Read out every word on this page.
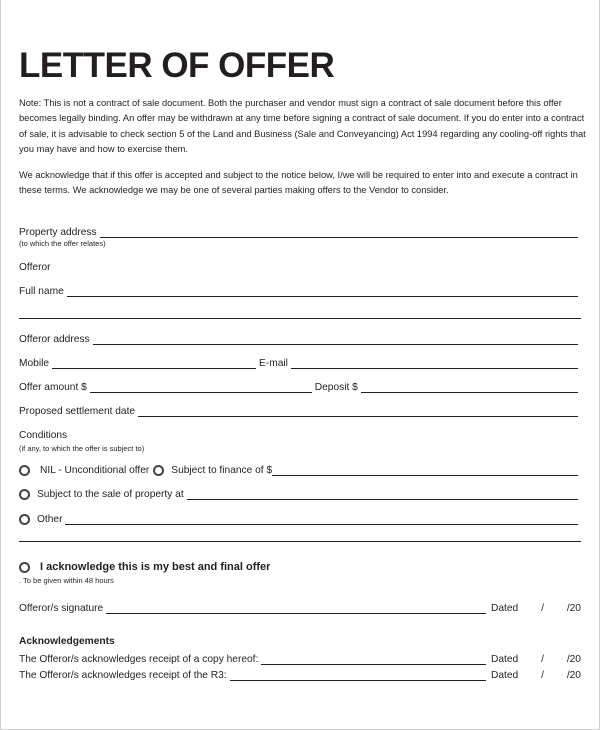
LETTER OF OFFER

Note: This is not a contract of sale document. Both the purchaser and vendor must sign a contract of sale document before this offer becomes legally binding. An offer may be withdrawn at any time before signing a contract of sale document. If you do enter into a contract of sale, it is advisable to check section 5 of the Land and Business (Sale and Conveyancing) Act 1994 regarding any cooling-off rights that you may have and how to exercise them.

We acknowledge that if this offer is accepted and subject to the notice below, I/we will be required to enter into and execute a contract in these terms. We acknowledge we may be one of several parties making offers to the Vendor to consider.

Property address
(to which the offer relates)
Offeror
Full name
Offeror address
Mobile	E-mail
Offer amount $	Deposit $
Proposed settlement date
Conditions
(if any, to which the offer is subject to)
NIL - Unconditional offer Subject to finance of $
Subject to the sale of property at
Other
I acknowledge this is my best and final offer
. To be given within 48 hours
Offeror/s signature	Dated / /20
Acknowledgements
The Offeror/s acknowledges receipt of a copy hereof:	Dated / /20
The Offeror/s acknowledges receipt of the R3:	Dated / /20
